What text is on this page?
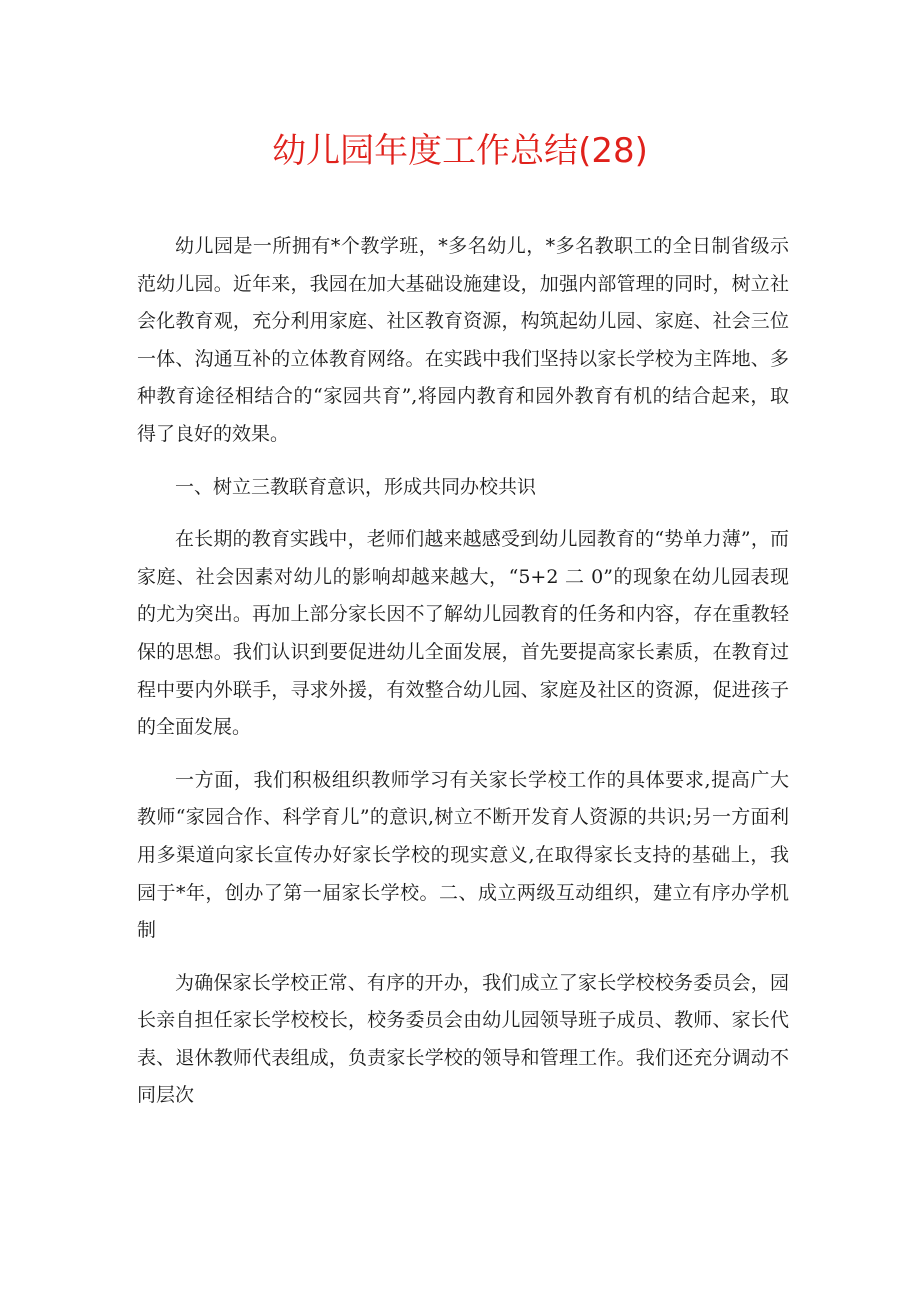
幼儿园年度工作总结(28)

幼儿园是一所拥有*个教学班，*多名幼儿，*多名教职工的全日制省级示范幼儿园。近年来，我园在加大基础设施建设，加强内部管理的同时，树立社会化教育观，充分利用家庭、社区教育资源，构筑起幼儿园、家庭、社会三位一体、沟通互补的立体教育网络。在实践中我们坚持以家长学校为主阵地、多种教育途径相结合的“家园共育”,将园内教育和园外教育有机的结合起来，取得了良好的效果。

一、树立三教联育意识，形成共同办校共识

在长期的教育实践中，老师们越来越感受到幼儿园教育的“势单力薄”，而家庭、社会因素对幼儿的影响却越来越大，“5+2 二 0”的现象在幼儿园表现的尤为突出。再加上部分家长因不了解幼儿园教育的任务和内容，存在重教轻保的思想。我们认识到要促进幼儿全面发展，首先要提高家长素质，在教育过程中要内外联手，寻求外援，有效整合幼儿园、家庭及社区的资源，促进孩子的全面发展。

一方面，我们积极组织教师学习有关家长学校工作的具体要求,提高广大教师“家园合作、科学育儿”的意识,树立不断开发育人资源的共识;另一方面利用多渠道向家长宣传办好家长学校的现实意义,在取得家长支持的基础上，我园于*年，创办了第一届家长学校。二、成立两级互动组织，建立有序办学机制

为确保家长学校正常、有序的开办，我们成立了家长学校校务委员会，园长亲自担任家长学校校长，校务委员会由幼儿园领导班子成员、教师、家长代表、退休教师代表组成，负责家长学校的领导和管理工作。我们还充分调动不同层次
